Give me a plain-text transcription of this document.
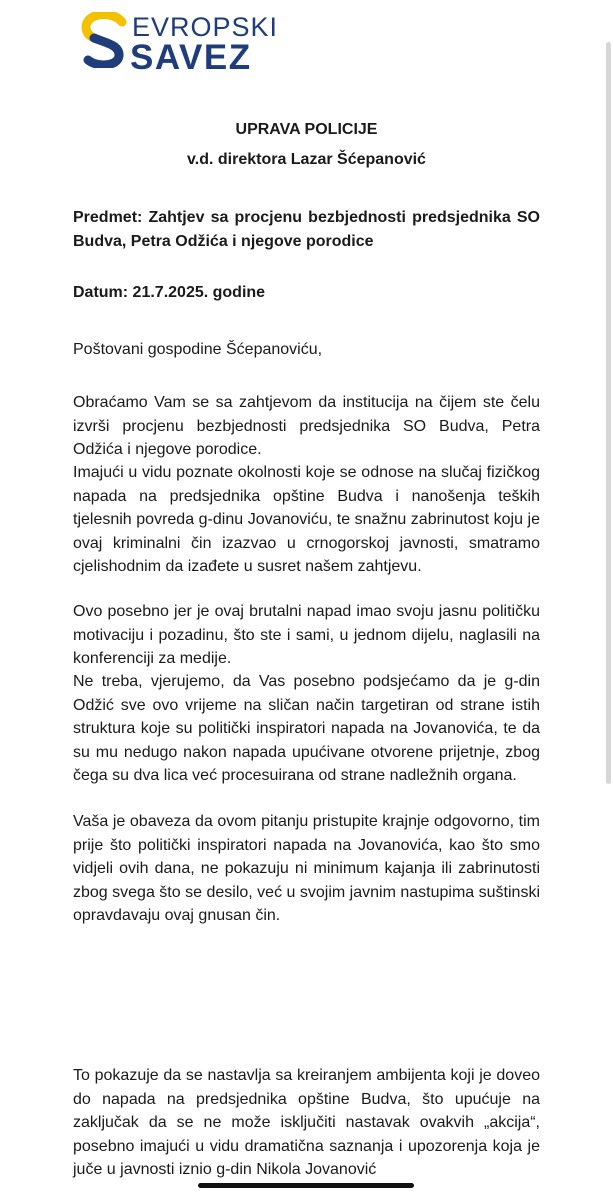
EVROPSKI
SAVEZ
UPRAVA POLICIJE
v.d. direktora Lazar Šćepanović
Predmet: Zahtjev sa procjenu bezbjednosti predsjednika SO Budva, Petra Odžića i njegove porodice
Datum: 21.7.2025. godine
Poštovani gospodine Šćepanoviću,
Obraćamo Vam se sa zahtjevom da institucija na čijem ste čelu izvrši procjenu bezbjednosti predsjednika SO Budva, Petra Odžića i njegove porodice.
Imajući u vidu poznate okolnosti koje se odnose na slučaj fizičkog napada na predsjednika opštine Budva i nanošenja teških tjelesnih povreda g-dinu Jovanoviću, te snažnu zabrinutost koju je ovaj kriminalni čin izazvao u crnogorskoj javnosti, smatramo cjelishodnim da izađete u susret našem zahtjevu.
Ovo posebno jer je ovaj brutalni napad imao svoju jasnu političku motivaciju i pozadinu, što ste i sami, u jednom dijelu, naglasili na konferenciji za medije.
Ne treba, vjerujemo, da Vas posebno podsjećamo da je g-din Odžić sve ovo vrijeme na sličan način targetiran od strane istih struktura koje su politički inspiratori napada na Jovanovića, te da su mu nedugo nakon napada upućivane otvorene prijetnje, zbog čega su dva lica već procesuirana od strane nadležnih organa.
Vaša je obaveza da ovom pitanju pristupite krajnje odgovorno, tim prije što politički inspiratori napada na Jovanovića, kao što smo vidjeli ovih dana, ne pokazuju ni minimum kajanja ili zabrinutosti zbog svega što se desilo, već u svojim javnim nastupima suštinski opravdavaju ovaj gnusan čin.
To pokazuje da se nastavlja sa kreiranjem ambijenta koji je doveo do napada na predsjednika opštine Budva, što upućuje na zaključak da se ne može isključiti nastavak ovakvih „akcija“, posebno imajući u vidu dramatična saznanja i upozorenja koja je juče u javnosti iznio g-din Nikola Jovanović
